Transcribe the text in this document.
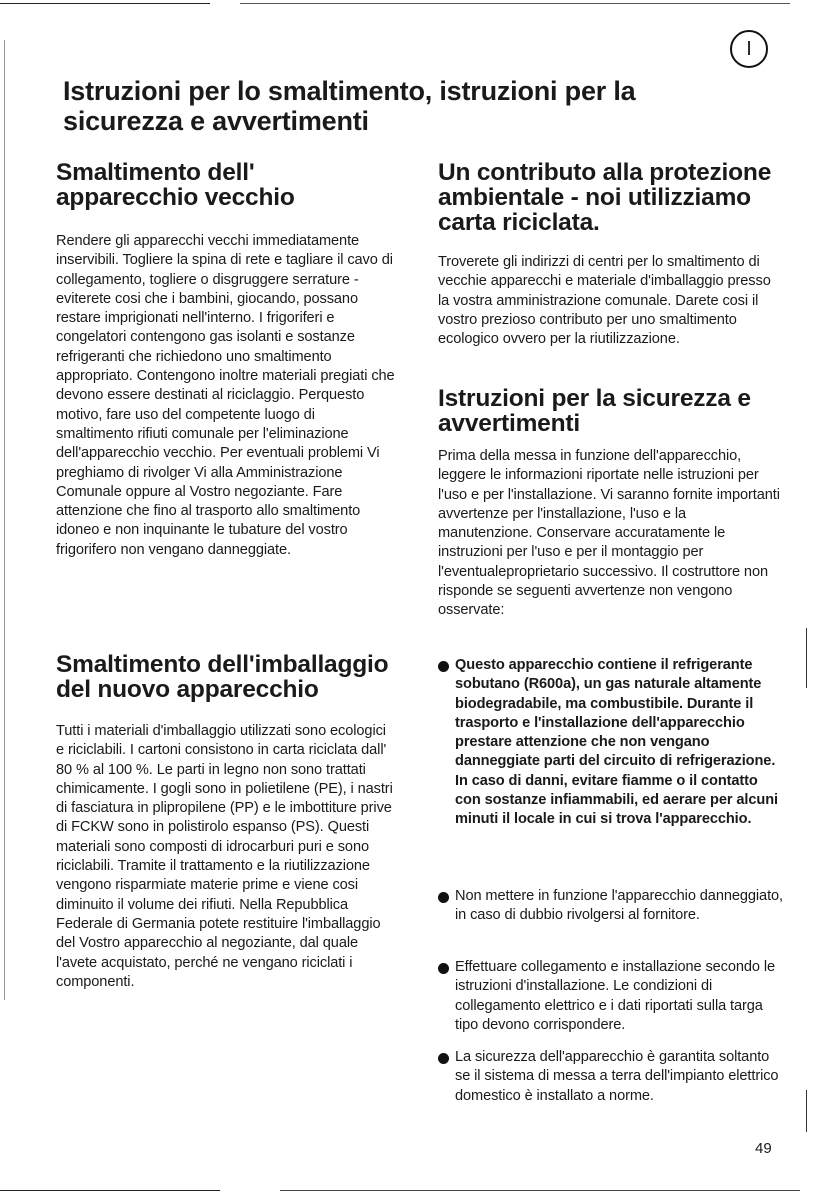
I
Istruzioni per lo smaltimento, istruzioni per la sicurezza e avvertimenti
Smaltimento dell' apparecchio vecchio

Rendere gli apparecchi vecchi immediatamente inservibili. Togliere la spina di rete e tagliare il cavo di collegamento, togliere o disgruggere serrature - eviterete cosi che i bambini, giocando, possano restare imprigionati nell'interno. I frigoriferi e congelatori contengono gas isolanti e sostanze refrigeranti che richiedono uno smaltimento appropriato. Contengono inoltre materiali pregiati che devono essere destinati al riciclaggio. Perquesto motivo, fare uso del competente luogo di smaltimento rifiuti comunale per l'eliminazione dell'apparecchio vecchio. Per eventuali problemi Vi preghiamo di rivolger Vi alla Amministrazione Comunale oppure al Vostro negoziante. Fare attenzione che fino al trasporto allo smaltimento idoneo e non inquinante le tubature del vostro frigorifero non vengano danneggiate.

Smaltimento dell'imballaggio del nuovo apparecchio

Tutti i materiali d'imballaggio utilizzati sono ecologici e riciclabili. I cartoni consistono in carta riciclata dall' 80 % al 100 %. Le parti in legno non sono trattati chimicamente. I gogli sono in polietilene (PE), i nastri di fasciatura in plipropilene (PP) e le imbottiture prive di FCKW sono in polistirolo espanso (PS). Questi materiali sono composti di idrocarburi puri e sono riciclabili. Tramite il trattamento e la riutilizzazione vengono risparmiate materie prime e viene cosi diminuito il volume dei rifiuti. Nella Repubblica Federale di Germania potete restituire l'imballaggio del Vostro apparecchio al negoziante, dal quale l'avete acquistato, perché ne vengano riciclati i componenti.

Un contributo alla protezione ambientale - noi utilizziamo carta riciclata.

Troverete gli indirizzi di centri per lo smaltimento di vecchie apparecchi e materiale d'imballaggio presso la vostra amministrazione comunale. Darete cosi il vostro prezioso contributo per uno smaltimento ecologico ovvero per la riutilizzazione.

Istruzioni per la sicurezza e avvertimenti

Prima della messa in funzione dell'apparecchio, leggere le informazioni riportate nelle istruzioni per l'uso e per l'installazione. Vi saranno fornite importanti avvertenze per l'installazione, l'uso e la manutenzione. Conservare accuratamente le instruzioni per l'uso e per il montaggio per l'eventualeproprietario successivo. Il costruttore non risponde se seguenti avvertenze non vengono osservate:

Questo apparecchio contiene il refrigerante sobutano (R600a), un gas naturale altamente biodegradabile, ma combustibile. Durante il trasporto e l'installazione dell'apparecchio prestare attenzione che non vengano danneggiate parti del circuito di refrigerazione. In caso di danni, evitare fiamme o il contatto con sostanze infiammabili, ed aerare per alcuni minuti il locale in cui si trova l'apparecchio.
Non mettere in funzione l'apparecchio danneggiato, in caso di dubbio rivolgersi al fornitore.
Effettuare collegamento e installazione secondo le istruzioni d'installazione. Le condizioni di collegamento elettrico e i dati riportati sulla targa tipo devono corrispondere.
La sicurezza dell'apparecchio è garantita soltanto se il sistema di messa a terra dell'impianto elettrico domestico è installato a norme.
49
